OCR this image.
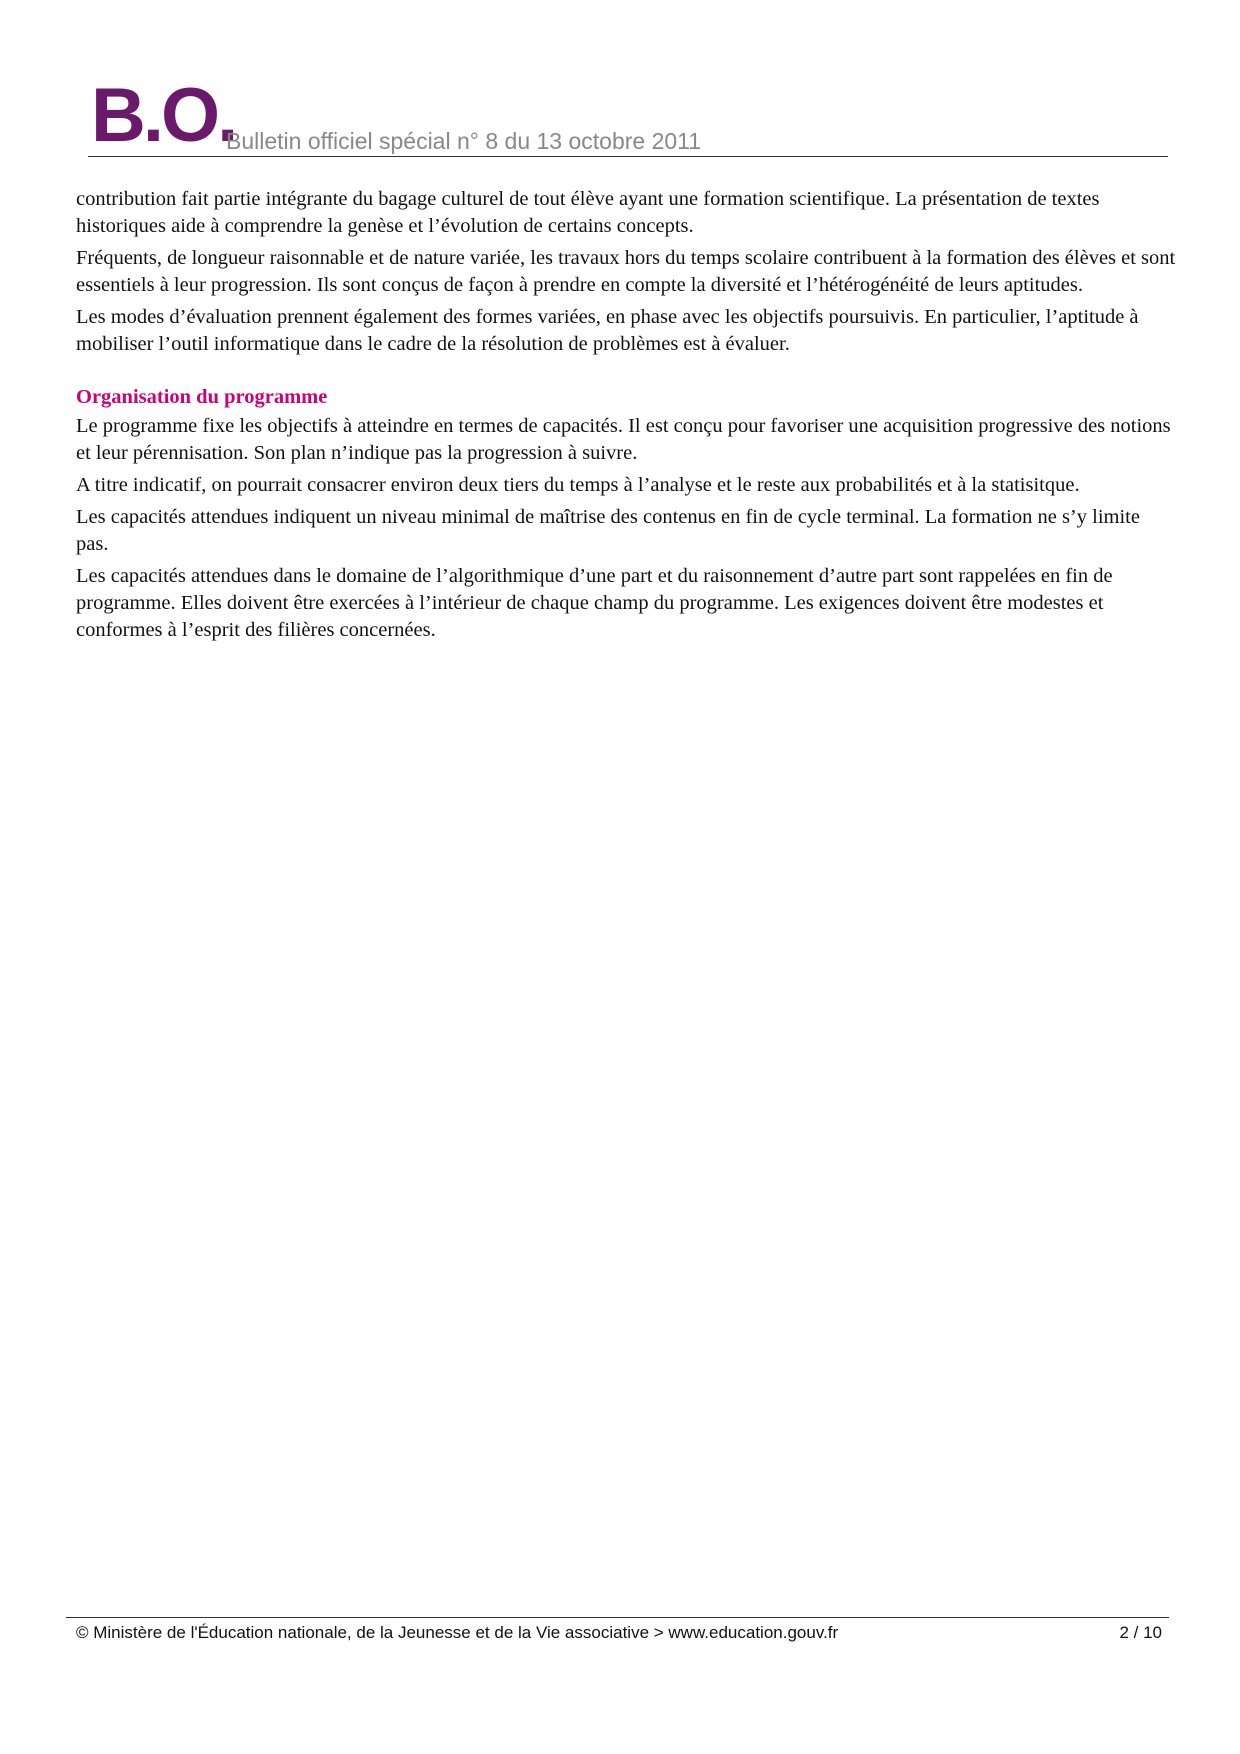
B.O.
Bulletin officiel spécial n° 8 du 13 octobre 2011

contribution fait partie intégrante du bagage culturel de tout élève ayant une formation scientifique. La présentation de textes historiques aide à comprendre la genèse et l’évolution de certains concepts.

Fréquents, de longueur raisonnable et de nature variée, les travaux hors du temps scolaire contribuent à la formation des élèves et sont essentiels à leur progression. Ils sont conçus de façon à prendre en compte la diversité et l’hétérogénéité de leurs aptitudes.

Les modes d’évaluation prennent également des formes variées, en phase avec les objectifs poursuivis. En particulier, l’aptitude à mobiliser l’outil informatique dans le cadre de la résolution de problèmes est à évaluer.

Organisation du programme

Le programme fixe les objectifs à atteindre en termes de capacités. Il est conçu pour favoriser une acquisition progressive des notions et leur pérennisation. Son plan n’indique pas la progression à suivre.

A titre indicatif, on pourrait consacrer environ deux tiers du temps à l’analyse et le reste aux probabilités et à la statisitque.

Les capacités attendues indiquent un niveau minimal de maîtrise des contenus en fin de cycle terminal. La formation ne s’y limite pas.

Les capacités attendues dans le domaine de l’algorithmique d’une part et du raisonnement d’autre part sont rappelées en fin de programme. Elles doivent être exercées à l’intérieur de chaque champ du programme. Les exigences doivent être modestes et conformes à l’esprit des filières concernées.

© Ministère de l'Éducation nationale, de la Jeunesse et de la Vie associative > www.education.gouv.fr	2 / 10
